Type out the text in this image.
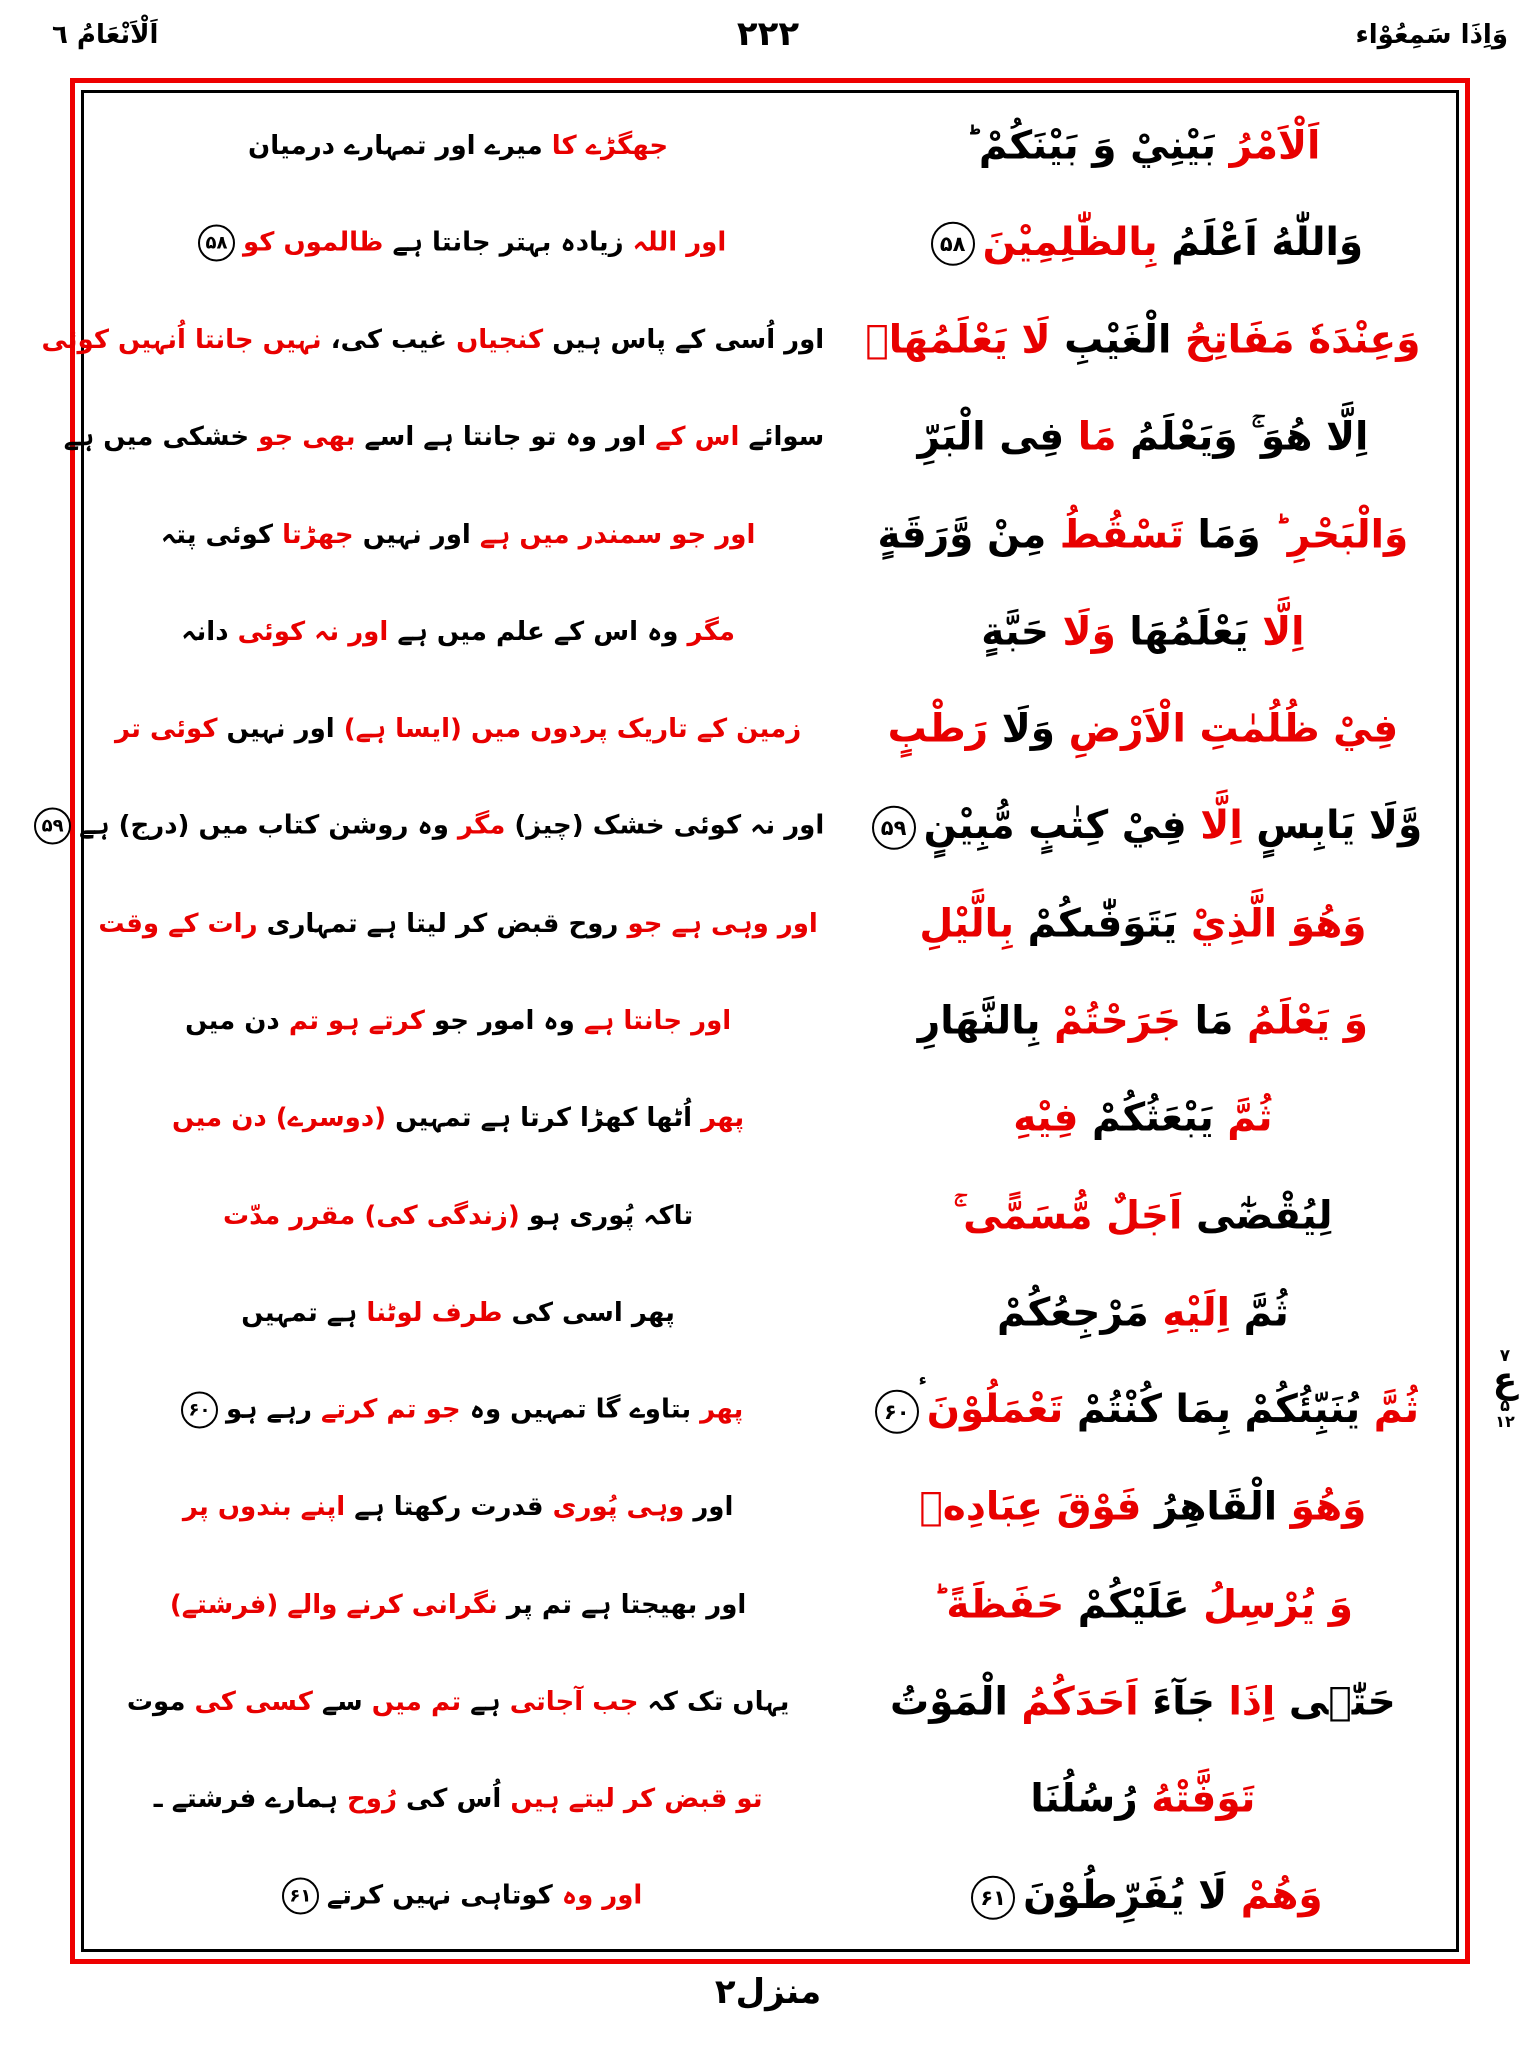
اَلْاَنْعَامُ ٦	۲۲۲	وَاِذَا سَمِعُوْاء
اَلْاَمْرُ بَيْنِيْ وَ بَيْنَكُمْ ؕ
جھگڑے کا میرے اور تمہارے درمیان
وَاللّٰهُ اَعْلَمُ بِالظّٰلِمِيْنَ۵۸
اور اللہ زیادہ بہتر جانتا ہے ظالموں کو۵۸
وَعِنْدَهٗ مَفَاتِحُ الْغَيْبِ لَا يَعْلَمُهَاۤ
اور اُسی کے پاس ہیں کنجیاں غیب کی، نہیں جانتا اُنہیں کوئی
اِلَّا هُوَ ۚ وَيَعْلَمُ مَا فِی الْبَرِّ
سوائے اس کے اور وہ تو جانتا ہے اسے بھی جو خشکی میں ہے
وَالْبَحْرِ ؕ وَمَا تَسْقُطُ مِنْ وَّرَقَةٍ
اور جو سمندر میں ہے اور نہیں جھڑتا کوئی پتہ
اِلَّا يَعْلَمُهَا وَلَا حَبَّةٍ
مگر وہ اس کے علم میں ہے اور نہ کوئی دانہ
فِيْ ظُلُمٰتِ الْاَرْضِ وَلَا رَطْبٍ
زمین کے تاریک پردوں میں (ایسا ہے) اور نہیں کوئی تر
وَّلَا يَابِسٍ اِلَّا فِيْ كِتٰبٍ مُّبِيْنٍ۵۹
اور نہ کوئی خشک (چیز) مگر وہ روشن کتاب میں (درج) ہے۵۹
وَهُوَ الَّذِيْ يَتَوَفّٰىكُمْ بِالَّيْلِ
اور وہی ہے جو روح قبض کر لیتا ہے تمہاری رات کے وقت
وَ يَعْلَمُ مَا جَرَحْتُمْ بِالنَّهَارِ
اور جانتا ہے وہ امور جو کرتے ہو تم دن میں
ثُمَّ يَبْعَثُكُمْ فِيْهِ
پھر اُٹھا کھڑا کرتا ہے تمہیں (دوسرے) دن میں
لِيُقْضٰٓى اَجَلٌ مُّسَمًّى ۚ
تاکہ پُوری ہو (زندگی کی) مقرر مدّت
ثُمَّ اِلَيْهِ مَرْجِعُكُمْ
پھر اسی کی طرف لوٹنا ہے تمہیں
ثُمَّ يُنَبِّئُكُمْ بِمَا كُنْتُمْ تَعْمَلُوْنَ۶۰
ء
پھر بتاوے گا تمہیں وہ جو تم کرتے رہے ہو۶۰
وَهُوَ الْقَاهِرُ فَوْقَ عِبَادِهٖ
اور وہی پُوری قدرت رکھتا ہے اپنے بندوں پر
وَ يُرْسِلُ عَلَيْكُمْ حَفَظَةً ؕ
اور بھیجتا ہے تم پر نگرانی کرنے والے (فرشتے)
حَتّٰۤى اِذَا جَآءَ اَحَدَكُمُ الْمَوْتُ
یہاں تک کہ جب آجاتی ہے تم میں سے کسی کی موت
تَوَفَّتْهُ رُسُلُنَا
تو قبض کر لیتے ہیں اُس کی رُوح ہمارے فرشتے ـ
وَهُمْ لَا يُفَرِّطُوْنَ۶۱
اور وہ کوتاہی نہیں کرتے۶۱
۷
ع
۵
۱۲
منزل۲
